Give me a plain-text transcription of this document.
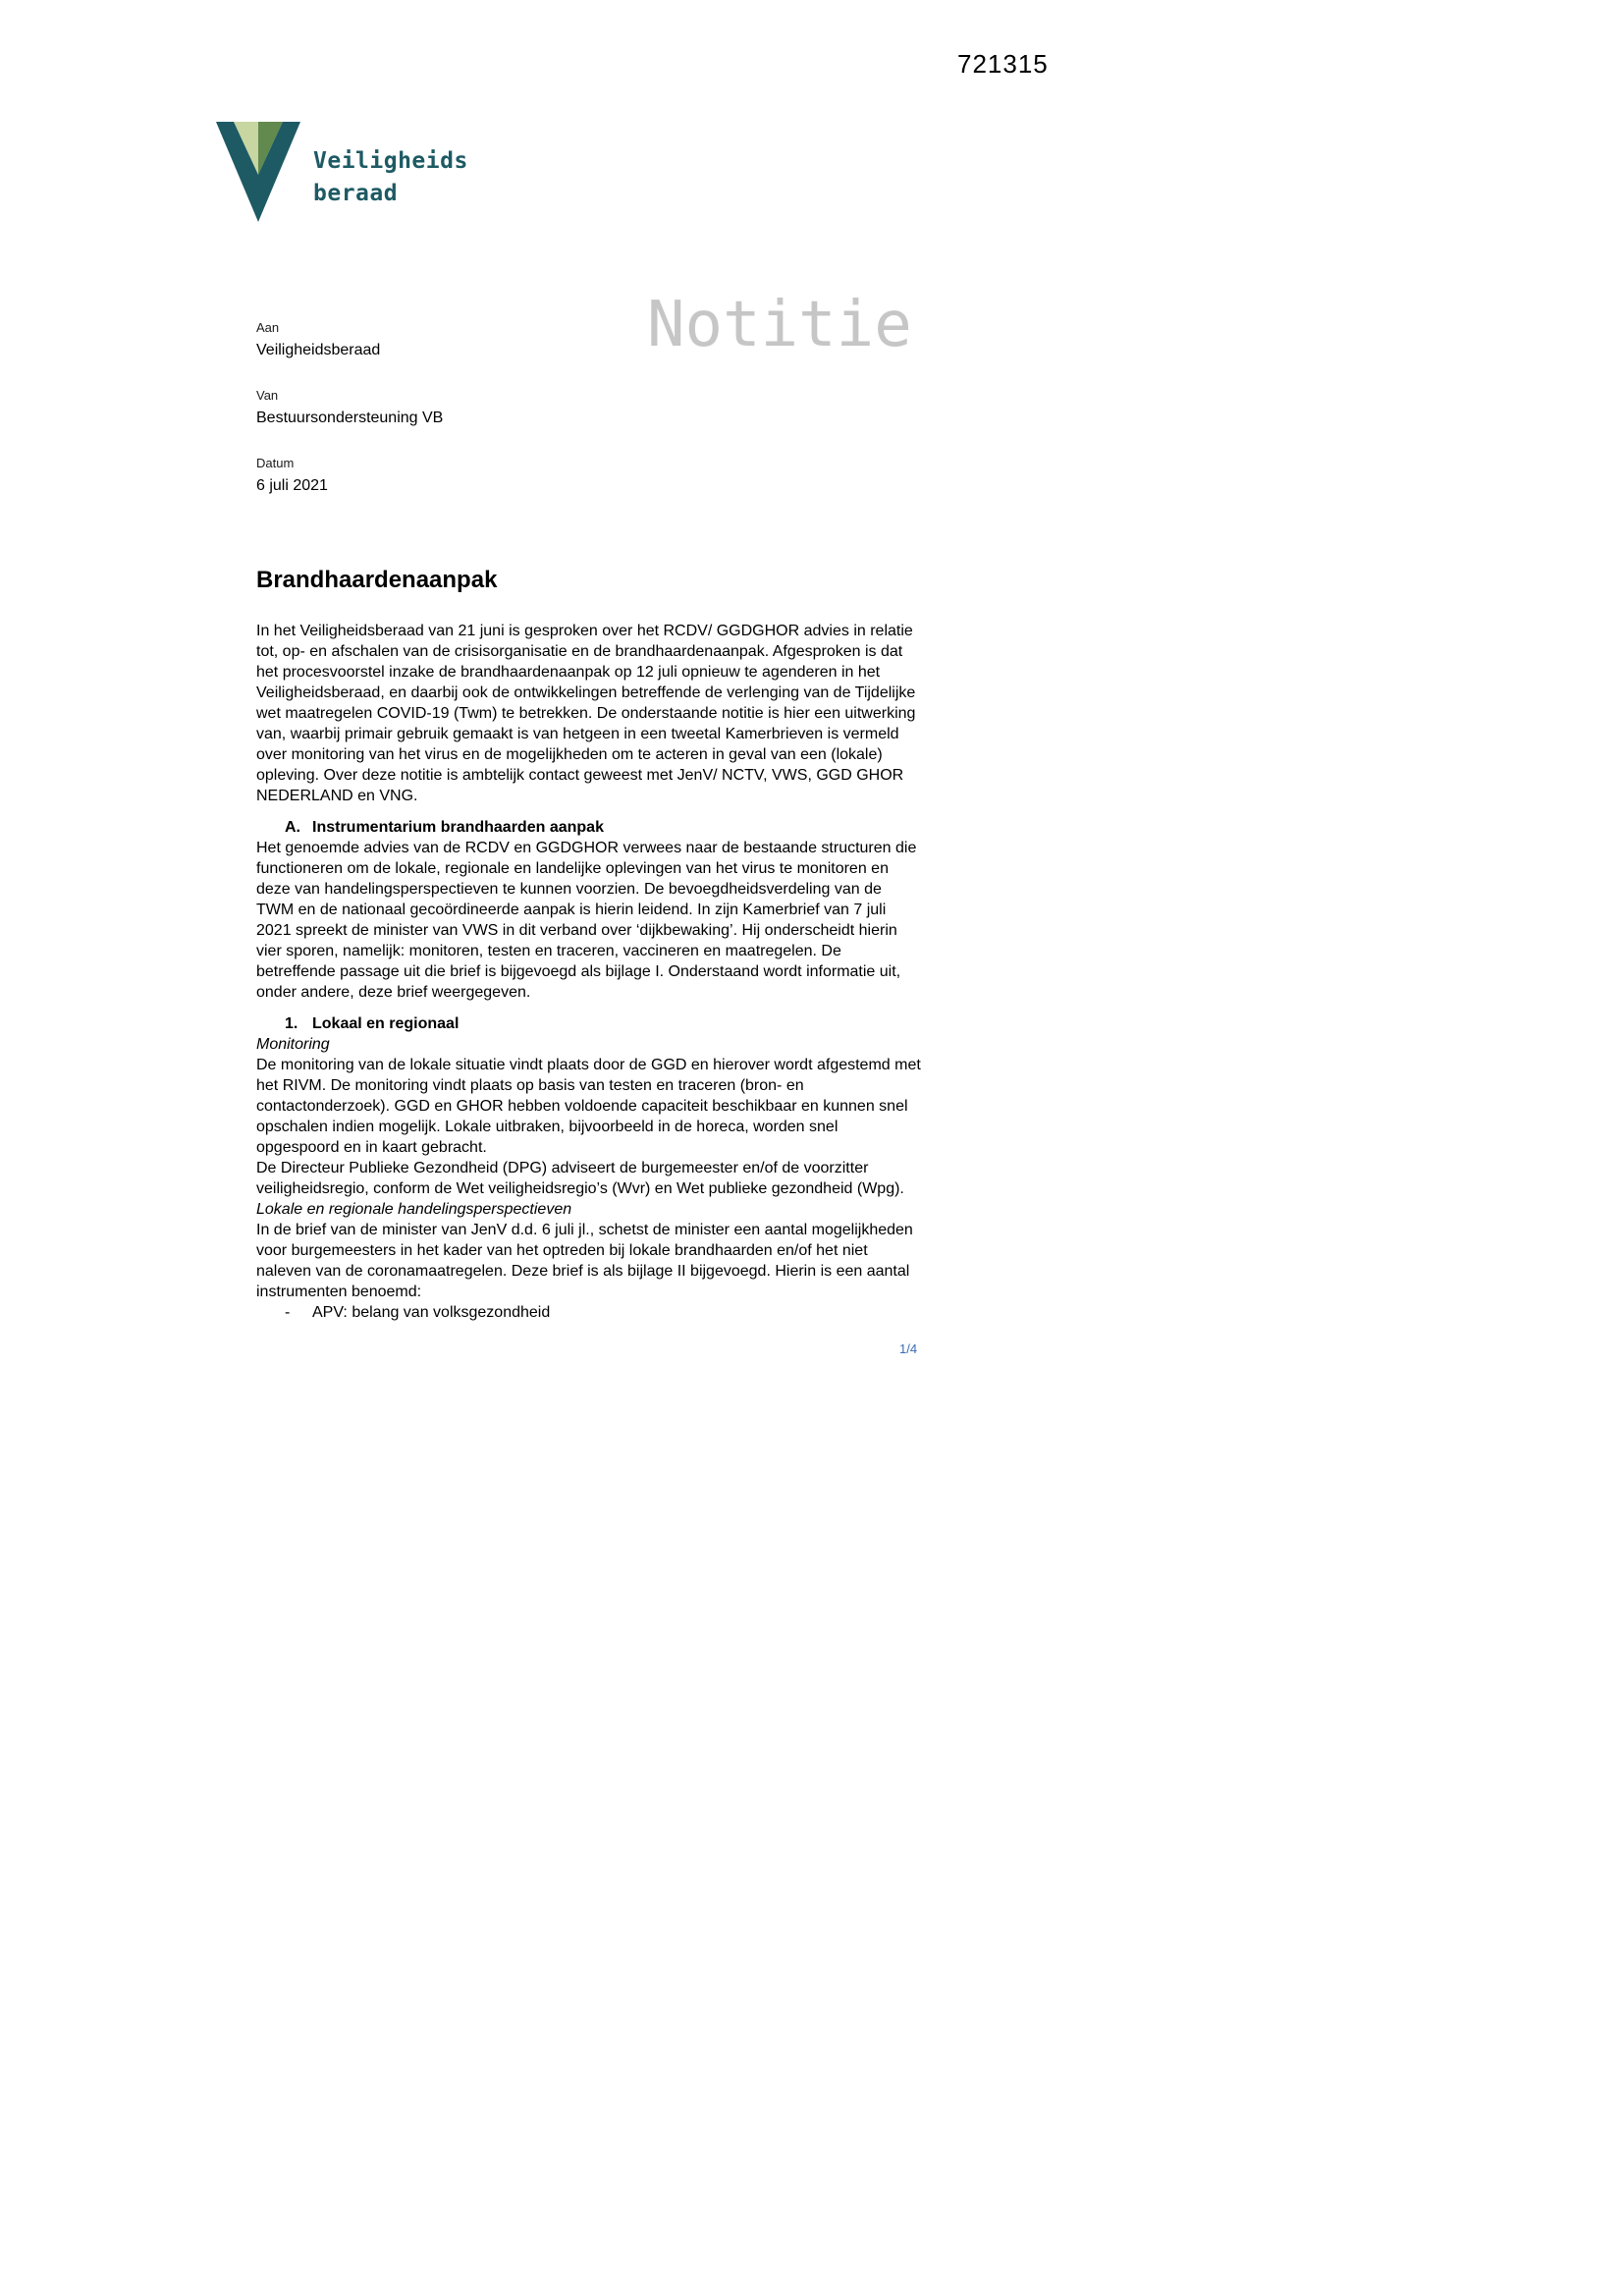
721315
Veiligheids
beraad
Notitie
Aan
Veiligheidsberaad
Van
Bestuursondersteuning VB
Datum
6 juli 2021
Brandhaardenaanpak

In het Veiligheidsberaad van 21 juni is gesproken over het RCDV/ GGDGHOR advies in relatie tot, op- en afschalen van de crisisorganisatie en de brandhaardenaanpak. Afgesproken is dat het procesvoorstel inzake de brandhaardenaanpak op 12 juli opnieuw te agenderen in het Veiligheidsberaad, en daarbij ook de ontwikkelingen betreffende de verlenging van de Tijdelijke wet maatregelen COVID-19 (Twm) te betrekken. De onderstaande notitie is hier een uitwerking van, waarbij primair gebruik gemaakt is van hetgeen in een tweetal Kamerbrieven is vermeld over monitoring van het virus en de mogelijkheden om te acteren in geval van een (lokale) opleving. Over deze notitie is ambtelijk contact geweest met JenV/ NCTV, VWS, GGD GHOR NEDERLAND en VNG.

A. Instrumentarium brandhaarden aanpak

Het genoemde advies van de RCDV en GGDGHOR verwees naar de bestaande structuren die functioneren om de lokale, regionale en landelijke oplevingen van het virus te monitoren en deze van handelingsperspectieven te kunnen voorzien. De bevoegdheidsverdeling van de TWM en de nationaal gecoördineerde aanpak is hierin leidend. In zijn Kamerbrief van 7 juli 2021 spreekt de minister van VWS in dit verband over ‘dijkbewaking’. Hij onderscheidt hierin vier sporen, namelijk: monitoren, testen en traceren, vaccineren en maatregelen. De betreffende passage uit die brief is bijgevoegd als bijlage I. Onderstaand wordt informatie uit, onder andere, deze brief weergegeven.

1. Lokaal en regionaal

Monitoring

De monitoring van de lokale situatie vindt plaats door de GGD en hierover wordt afgestemd met het RIVM. De monitoring vindt plaats op basis van testen en traceren (bron- en contactonderzoek). GGD en GHOR hebben voldoende capaciteit beschikbaar en kunnen snel opschalen indien mogelijk. Lokale uitbraken, bijvoorbeeld in de horeca, worden snel opgespoord en in kaart gebracht.

De Directeur Publieke Gezondheid (DPG) adviseert de burgemeester en/of de voorzitter veiligheidsregio, conform de Wet veiligheidsregio’s (Wvr) en Wet publieke gezondheid (Wpg).

Lokale en regionale handelingsperspectieven

In de brief van de minister van JenV d.d. 6 juli jl., schetst de minister een aantal mogelijkheden voor burgemeesters in het kader van het optreden bij lokale brandhaarden en/of het niet naleven van de coronamaatregelen. Deze brief is als bijlage II bijgevoegd. Hierin is een aantal instrumenten benoemd:

- APV: belang van volksgezondheid
1/4
